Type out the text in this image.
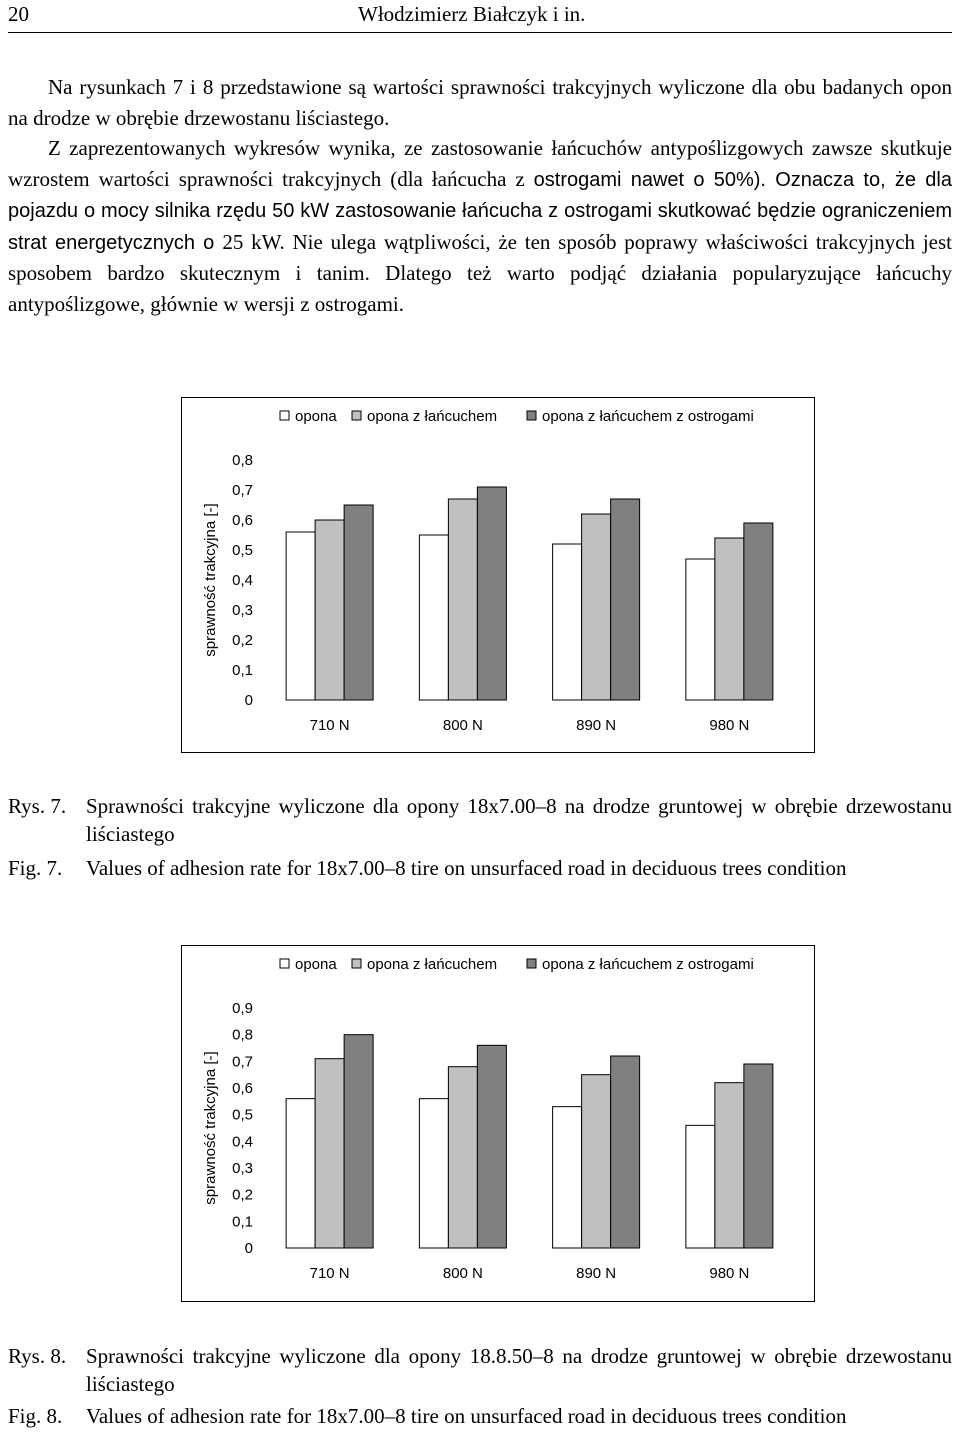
20	Włodzimierz Białczyk i in.

Na rysunkach 7 i 8 przedstawione są wartości sprawności trakcyjnych wyliczone dla obu badanych opon na drodze w obrębie drzewostanu liściastego.

Z zaprezentowanych wykresów wynika, ze zastosowanie łańcuchów antypoślizgowych zawsze skutkuje wzrostem wartości sprawności trakcyjnych (dla łańcucha z ostrogami nawet o 50%). Oznacza to, że dla pojazdu o mocy silnika rzędu 50 kW zastosowanie łańcucha z ostrogami skutkować będzie ograniczeniem strat energetycznych o 25 kW. Nie ulega wątpliwości, że ten sposób poprawy właściwości trakcyjnych jest sposobem bardzo skutecznym i tanim. Dlatego też warto podjąć działania popularyzujące łańcuchy antypoślizgowe, głównie w wersji z ostrogami.

opona opona z łańcuchem	opona z łańcuchem z ostrogami
0
0,1
0,2
0,3
0,4
0,5
0,6
0,7
0,8
sprawność trakcyjna [-]
710 N	800 N	890 N	980 N
Rys. 7. Sprawności trakcyjne wyliczone dla opony 18x7.00–8 na drodze gruntowej w obrębie drzewostanu liściastego
Fig. 7.	Values of adhesion rate for 18x7.00–8 tire on unsurfaced road in deciduous trees condition
opona opona z łańcuchem	opona z łańcuchem z ostrogami
0
0,1
0,2
0,3
0,4
0,5
0,6
0,7
0,8
0,9
sprawność trakcyjna [-]
710 N	800 N	890 N	980 N
Rys. 8. Sprawności trakcyjne wyliczone dla opony 18.8.50–8 na drodze gruntowej w obrębie drzewostanu liściastego
Fig. 8.	Values of adhesion rate for 18x7.00–8 tire on unsurfaced road in deciduous trees condition
